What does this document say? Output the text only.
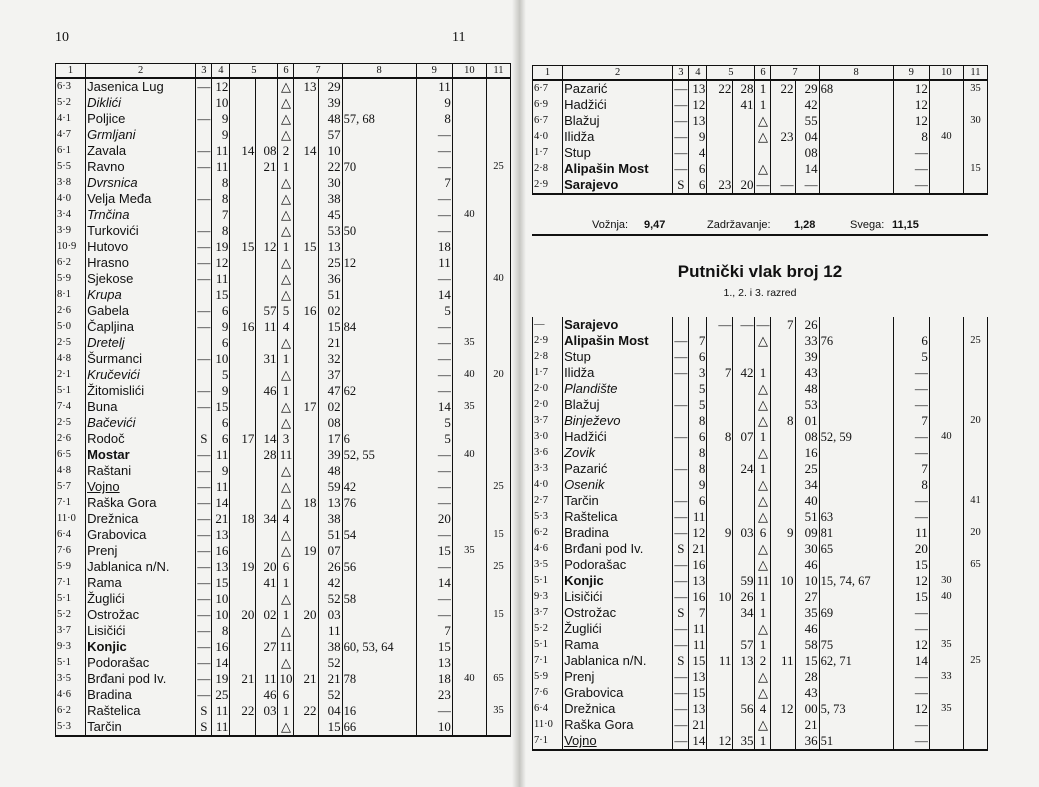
10	11
1	2	3	4	5		6	7		8	9	10	11
6·3	Jasenica Lug	—	12			△	13	29		11		
5·2	Diklići		10			△		39		9		
4·1	Poljice	—	9			△		48	57, 68	8		
4·7	Grmljani		9			△		57		—		
6·1	Zavala	—	11	14	08	2	14	10		—		
5·5	Ravno	—	11		21	1		22	70	—		25
3·8	Dvrsnica		8			△		30		7		
4·0	Velja Međa	—	8			△		38		—		
3·4	Trnčina		7			△		45		—	40	
3·9	Turkovići	—	8			△		53	50	—		
10·9	Hutovo	—	19	15	12	1	15	13		18		
6·2	Hrasno	—	12			△		25	12	11		
5·9	Sjekose	—	11			△		36		—		40
8·1	Krupa		15			△		51		14		
2·6	Gabela	—	6		57	5	16	02		5		
5·0	Čapljina	—	9	16	11	4		15	84	—		
2·5	Dretelj		6			△		21		—	35	
4·8	Šurmanci	—	10		31	1		32		—		
2·1	Kručevići		5			△		37		—	40	20
5·1	Žitomislići	—	9		46	1		47	62	—		
7·4	Buna	—	15			△	17	02		14	35	
2·5	Bačevići		6			△		08		5		
2·6	Rodoč	S	6	17	14	3		17	6	5		
6·5	Mostar	—	11		28	11		39	52, 55	—	40	
4·8	Raštani	—	9			△		48		—		
5·7	Vojno	—	11			△		59	42	—		25
7·1	Raška Gora	—	14			△	18	13	76	—		
11·0	Drežnica	—	21	18	34	4		38		20		
6·4	Grabovica	—	13			△		51	54	—		15
7·6	Prenj	—	16			△	19	07		15	35	
5·9	Jablanica n/N.	—	13	19	20	6		26	56	—		25
7·1	Rama	—	15		41	1		42		14		
5·1	Žuglići	—	10			△		52	58	—		
5·2	Ostrožac	—	10	20	02	1	20	03		—		15
3·7	Lisičići	—	8			△		11		7		
9·3	Konjic	—	16		27	11		38	60, 53, 64	15		
5·1	Podorašac	—	14			△		52		13		
3·5	Brđani pod Iv.	—	19	21	11	10	21	21	78	18	40	65
4·6	Bradina	—	25		46	6		52		23		
6·2	Raštelica	S	11	22	03	1	22	04	16	—		35
5·3	Tarčin	S	11			△		15	66	10		
1	2	3	4	5		6	7		8	9	10	11
6·7	Pazarić	—	13	22	28	1	22	29	68	12		35
6·9	Hadžići	—	12		41	1		42		12		
6·7	Blažuj	—	13			△		55		12		30
4·0	Ilidža	—	9			△	23	04		8	40	
1·7	Stup	—	4					08		—		
2·8	Alipašin Most	—	6			△		14		—		15
2·9	Sarajevo	S	6	23	20	—	—	—		—		
Vožnja: 9,47	Zadržavanje: 1,28	Svega: 11,15
Putnički vlak broj 12
1., 2. i 3. razred
—	Sarajevo			—	—	—	7	26				
2·9	Alipašin Most	—	7			△		33	76	6		25
2·8	Stup	—	6					39		5		
1·7	Ilidža	—	3	7	42	1		43		—		
2·0	Plandište		5			△		48		—		
2·0	Blažuj	—	5			△		53		—		
3·7	Binježevo		8			△	8	01		7		20
3·0	Hadžići	—	6	8	07	1		08	52, 59	—	40	
3·6	Zovik		8			△		16		—		
3·3	Pazarić	—	8		24	1		25		7		
4·0	Osenik		9			△		34		8		
2·7	Tarčin	—	6			△		40		—		41
5·3	Raštelica	—	11			△		51	63	—		
6·2	Bradina	—	12	9	03	6	9	09	81	11		20
4·6	Brđani pod Iv.	S	21			△		30	65	20		
3·5	Podorašac	—	16			△		46		15		65
5·1	Konjic	—	13		59	11	10	10	15, 74, 67	12	30	
9·3	Lisičići	—	16	10	26	1		27		15	40	
3·7	Ostrožac	S	7		34	1		35	69	—		
5·2	Žuglići	—	11			△		46		—		
5·1	Rama	—	11		57	1		58	75	12	35	
7·1	Jablanica n/N.	S	15	11	13	2	11	15	62, 71	14		25
5·9	Prenj	—	13			△		28		—	33	
7·6	Grabovica	—	15			△		43		—		
6·4	Drežnica	—	13		56	4	12	00	5, 73	12	35	
11·0	Raška Gora	—	21			△		21		—		
7·1	Vojno	—	14	12	35	1		36	51	—		
